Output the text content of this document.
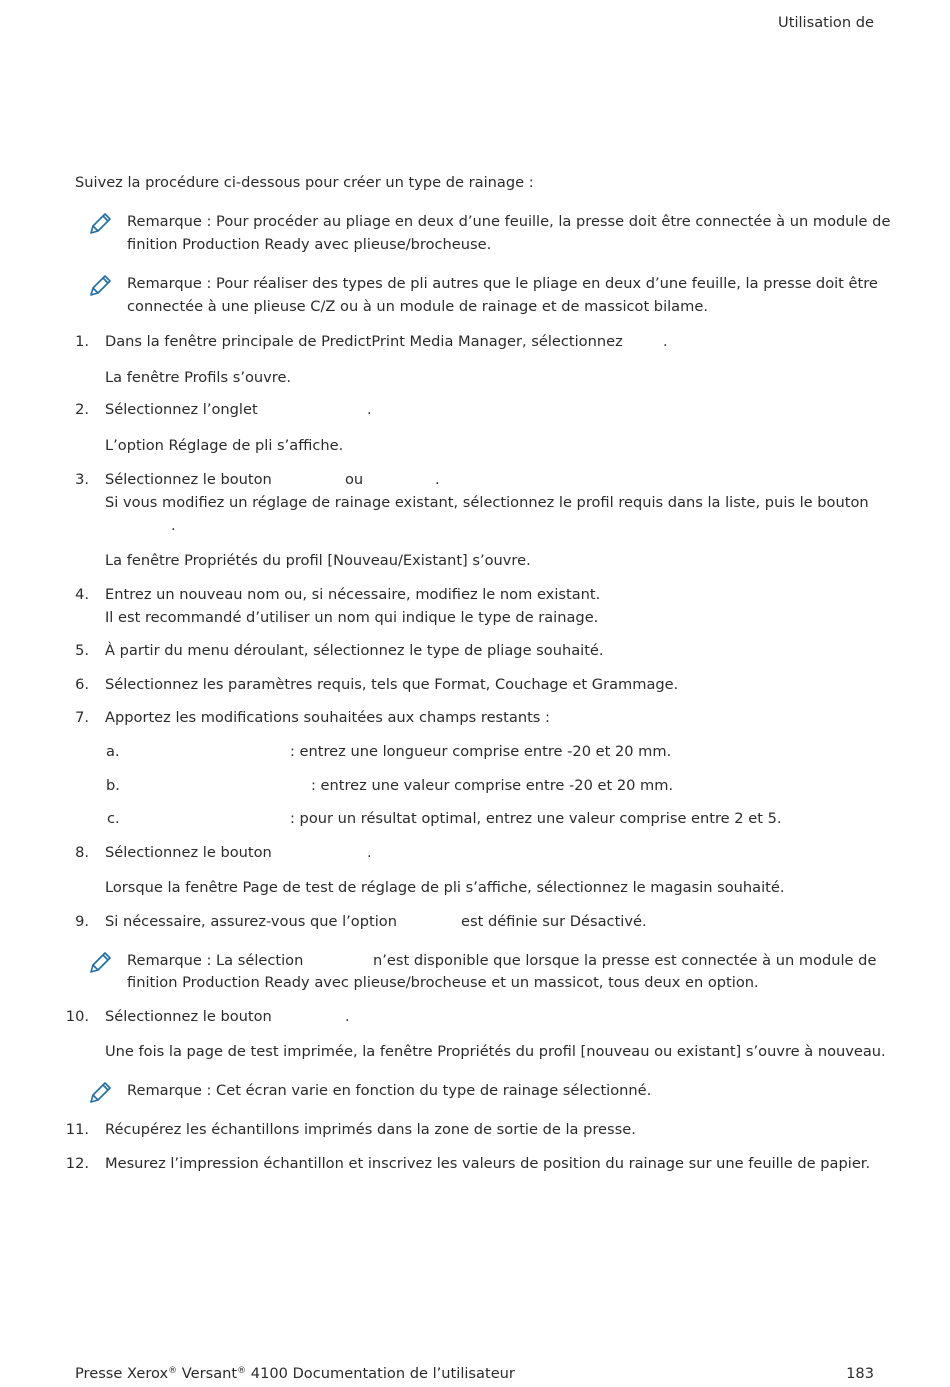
Utilisation de
Suivez la procédure ci-dessous pour créer un type de rainage :
Remarque : Pour procéder au pliage en deux d’une feuille, la presse doit être connectée à un module de
finition Production Ready avec plieuse/brocheuse.
Remarque : Pour réaliser des types de pli autres que le pliage en deux d’une feuille, la presse doit être
connectée à une plieuse C/Z ou à un module de rainage et de massicot bilame.
1. Dans la fenêtre principale de PredictPrint Media Manager, sélectionnez	.
La fenêtre Profils s’ouvre.
2. Sélectionnez l’onglet	.
L’option Réglage de pli s’affiche.
3. Sélectionnez le bouton	ou	.
Si vous modifiez un réglage de rainage existant, sélectionnez le profil requis dans la liste, puis le bouton
.
La fenêtre Propriétés du profil [Nouveau/Existant] s’ouvre.
4. Entrez un nouveau nom ou, si nécessaire, modifiez le nom existant.
Il est recommandé d’utiliser un nom qui indique le type de rainage.
5. À partir du menu déroulant, sélectionnez le type de pliage souhaité.
6. Sélectionnez les paramètres requis, tels que Format, Couchage et Grammage.
7. Apportez les modifications souhaitées aux champs restants :
a.	: entrez une longueur comprise entre -20 et 20 mm.
b.	: entrez une valeur comprise entre -20 et 20 mm.
c.	: pour un résultat optimal, entrez une valeur comprise entre 2 et 5.
8. Sélectionnez le bouton	.
Lorsque la fenêtre Page de test de réglage de pli s’affiche, sélectionnez le magasin souhaité.
9. Si nécessaire, assurez-vous que l’option	est définie sur Désactivé.
Remarque : La sélection	n’est disponible que lorsque la presse est connectée à un module de
finition Production Ready avec plieuse/brocheuse et un massicot, tous deux en option.
10. Sélectionnez le bouton	.
Une fois la page de test imprimée, la fenêtre Propriétés du profil [nouveau ou existant] s’ouvre à nouveau.
Remarque : Cet écran varie en fonction du type de rainage sélectionné.
11. Récupérez les échantillons imprimés dans la zone de sortie de la presse.
12. Mesurez l’impression échantillon et inscrivez les valeurs de position du rainage sur une feuille de papier.
Presse Xerox® Versant® 4100 Documentation de l’utilisateur	183
